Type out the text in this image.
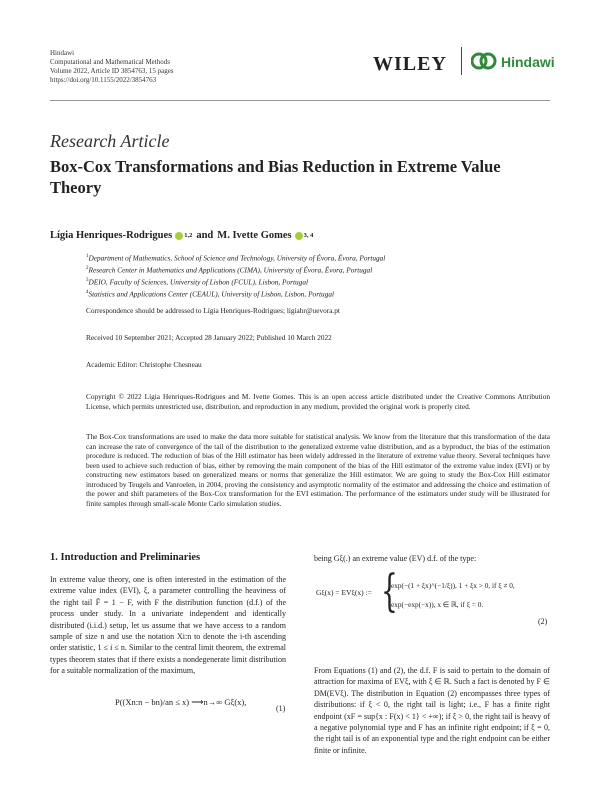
Hindawi
Computational and Mathematical Methods
Volume 2022, Article ID 3854763, 15 pages
https://doi.org/10.1155/2022/3854763
WILEY	Hindawi
Research Article
Box-Cox Transformations and Bias Reduction in Extreme Value Theory
Lígia Henriques-Rodrigues 1,2 and M. Ivette Gomes 3, 4
$^1$Department of Mathematics, School of Science and Technology, University of Évora, Évora, Portugal
$^2$Research Center in Mathematics and Applications (CIMA), University of Évora, Évora, Portugal
$^3$DEIO, Faculty of Sciences, University of Lisbon (FCUL), Lisbon, Portugal
$^4$Statistics and Applications Center (CEAUL), University of Lisbon, Lisbon, Portugal
Correspondence should be addressed to Lígia Henriques-Rodrigues; ligiahr@uevora.pt
Received 10 September 2021; Accepted 28 January 2022; Published 10 March 2022
Academic Editor: Christophe Chesneau
Copyright © 2022 Lígia Henriques-Rodrigues and M. Ivette Gomes. This is an open access article distributed under the Creative Commons Attribution License, which permits unrestricted use, distribution, and reproduction in any medium, provided the original work is properly cited.
The Box-Cox transformations are used to make the data more suitable for statistical analysis. We know from the literature that this transformation of the data can increase the rate of convergence of the tail of the distribution to the generalized extreme value distribution, and as a byproduct, the bias of the estimation procedure is reduced. The reduction of bias of the Hill estimator has been widely addressed in the literature of extreme value theory. Several techniques have been used to achieve such reduction of bias, either by removing the main component of the bias of the Hill estimator of the extreme value index (EVI) or by constructing new estimators based on generalized means or norms that generalize the Hill estimator. We are going to study the Box-Cox Hill estimator introduced by Teugels and Vanroelen, in 2004, proving the consistency and asymptotic normality of the estimator and addressing the choice and estimation of the power and shift parameters of the Box-Cox transformation for the EVI estimation. The performance of the estimators under study will be illustrated for finite samples through small-scale Monte Carlo simulation studies.
1. Introduction and Preliminaries
In extreme value theory, one is often interested in the estimation of the extreme value index (EVI), ξ, a parameter controlling the heaviness of the right tail F̄ = 1 − F, with F the distribution function (d.f.) of the process under study. In a univariate independent and identically distributed (i.i.d.) setup, let us assume that we have access to a random sample of size n and use the notation Xi:n to denote the i-th ascending order statistic, 1 ≤ i ≤ n. Similar to the central limit theorem, the extremal types theorem states that if there exists a nondegenerate limit distribution for a suitable normalization of the maximum,
P((Xn:n − bn)/an ≤ x) ⟶n→∞ Gξ(x),
(1)
being Gξ(.) an extreme value (EV) d.f. of the type:
Gξ(x) = EVξ(x) := {
exp(−(1 + ξx)^(−1/ξ)), 1 + ξx > 0, if ξ ≠ 0,
exp(−exp(−x)), x ∈ ℝ, if ξ = 0.
(2)
From Equations (1) and (2), the d.f. F is said to pertain to the domain of attraction for maxima of EVξ, with ξ ∈ ℝ. Such a fact is denoted by F ∈ DM(EVξ). The distribution in Equation (2) encompasses three types of distributions: if ξ < 0, the right tail is light; i.e., F has a finite right endpoint (xF = sup{x : F(x) < 1} < +∞); if ξ > 0, the right tail is heavy of a negative polynomial type and F has an infinite right endpoint; if ξ = 0, the right tail is of an exponential type and the right endpoint can be either finite or infinite.
